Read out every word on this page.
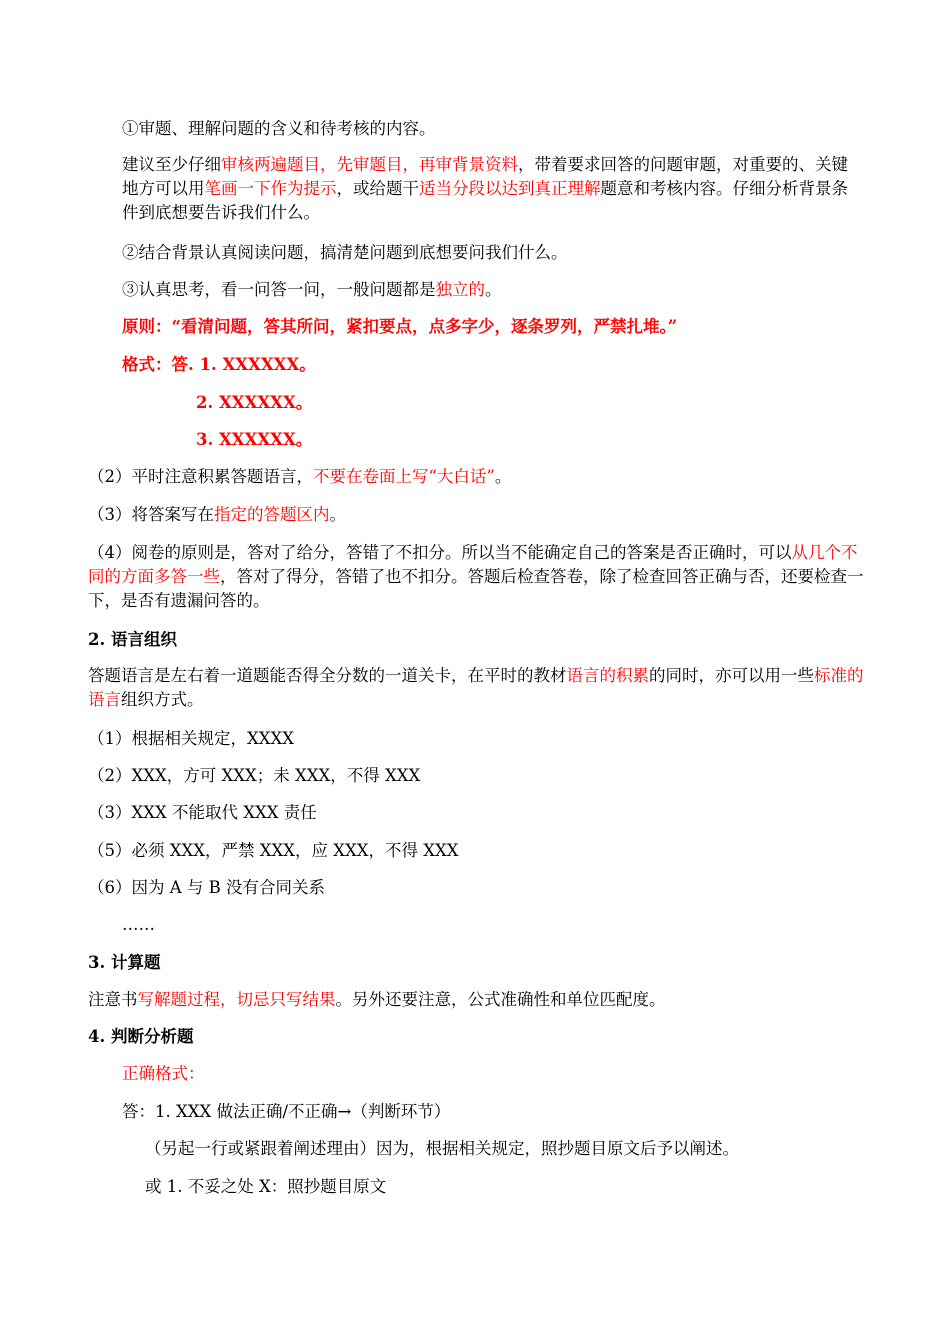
①审题、理解问题的含义和待考核的内容。
建议至少仔细审核两遍题目，先审题目，再审背景资料，带着要求回答的问题审题，对重要的、关键地方可以用笔画一下作为提示，或给题干适当分段以达到真正理解题意和考核内容。仔细分析背景条件到底想要告诉我们什么。
②结合背景认真阅读问题，搞清楚问题到底想要问我们什么。
③认真思考，看一问答一问，一般问题都是独立的。
原则：“看清问题，答其所问，紧扣要点，点多字少，逐条罗列，严禁扎堆。”
格式：答. 1. XXXXXX。
2. XXXXXX。
3. XXXXXX。
（2）平时注意积累答题语言，不要在卷面上写“大白话”。
（3）将答案写在指定的答题区内。
（4）阅卷的原则是，答对了给分，答错了不扣分。所以当不能确定自己的答案是否正确时，可以从几个不同的方面多答一些，答对了得分，答错了也不扣分。答题后检查答卷，除了检查回答正确与否，还要检查一下，是否有遗漏问答的。
2. 语言组织
答题语言是左右着一道题能否得全分数的一道关卡，在平时的教材语言的积累的同时，亦可以用一些标准的语言组织方式。
（1）根据相关规定，XXXX
（2）XXX，方可 XXX；未 XXX，不得 XXX
（3）XXX 不能取代 XXX 责任
（5）必须 XXX，严禁 XXX，应 XXX，不得 XXX
（6）因为 A 与 B 没有合同关系
……
3. 计算题
注意书写解题过程，切忌只写结果。另外还要注意，公式准确性和单位匹配度。
4. 判断分析题
正确格式：
答：1. XXX 做法正确/不正确→（判断环节）
（另起一行或紧跟着阐述理由）因为，根据相关规定，照抄题目原文后予以阐述。
或 1. 不妥之处 X：照抄题目原文
